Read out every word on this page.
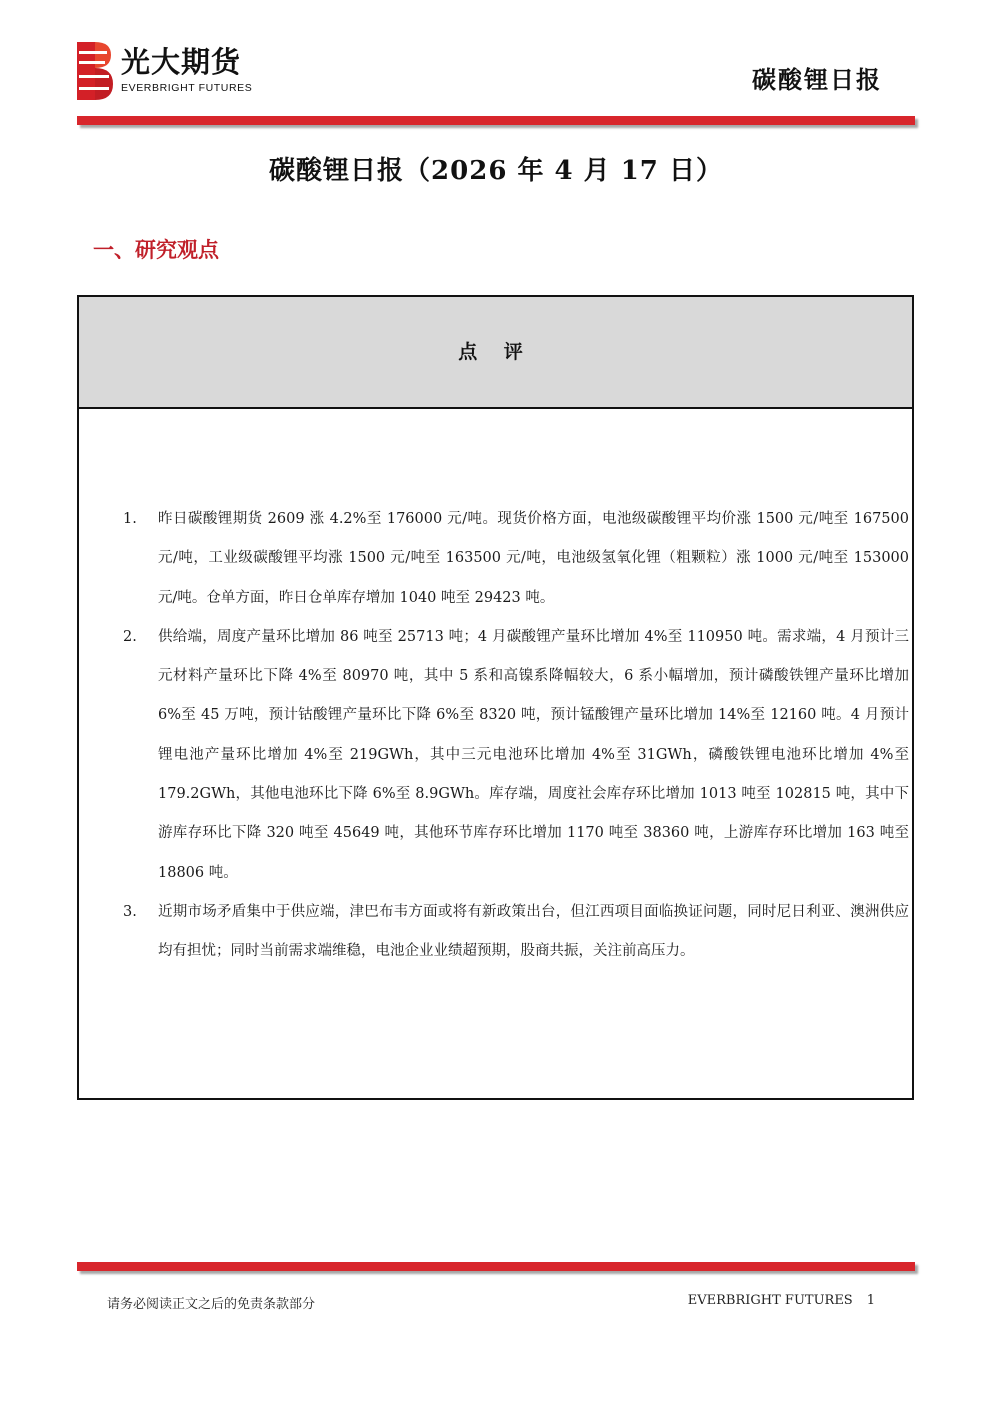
光大期货
EVERBRIGHT FUTURES	碳酸锂日报
碳酸锂日报（2026 年 4 月 17 日）
一、研究观点
点 评
1. 昨日碳酸锂期货 2609 涨 4.2%至 176000 元/吨。现货价格方面，电池级碳酸锂平均价涨 1500 元/吨至 167500 元/吨，工业级碳酸锂平均涨 1500 元/吨至 163500 元/吨，电池级氢氧化锂（粗颗粒）涨 1000 元/吨至 153000 元/吨。仓单方面，昨日仓单库存增加 1040 吨至 29423 吨。
2. 供给端，周度产量环比增加 86 吨至 25713 吨；4 月碳酸锂产量环比增加 4%至 110950 吨。需求端，4 月预计三元材料产量环比下降 4%至 80970 吨，其中 5 系和高镍系降幅较大，6 系小幅增加，预计磷酸铁锂产量环比增加 6%至 45 万吨，预计钴酸锂产量环比下降 6%至 8320 吨，预计锰酸锂产量环比增加 14%至 12160 吨。4 月预计锂电池产量环比增加 4%至 219GWh，其中三元电池环比增加 4%至 31GWh，磷酸铁锂电池环比增加 4%至 179.2GWh，其他电池环比下降 6%至 8.9GWh。库存端，周度社会库存环比增加 1013 吨至 102815 吨，其中下游库存环比下降 320 吨至 45649 吨，其他环节库存环比增加 1170 吨至 38360 吨，上游库存环比增加 163 吨至 18806 吨。
3. 近期市场矛盾集中于供应端，津巴布韦方面或将有新政策出台，但江西项目面临换证问题，同时尼日利亚、澳洲供应均有担忧；同时当前需求端维稳，电池企业业绩超预期，股商共振，关注前高压力。
请务必阅读正文之后的免责条款部分	EVERBRIGHT FUTURES 1
